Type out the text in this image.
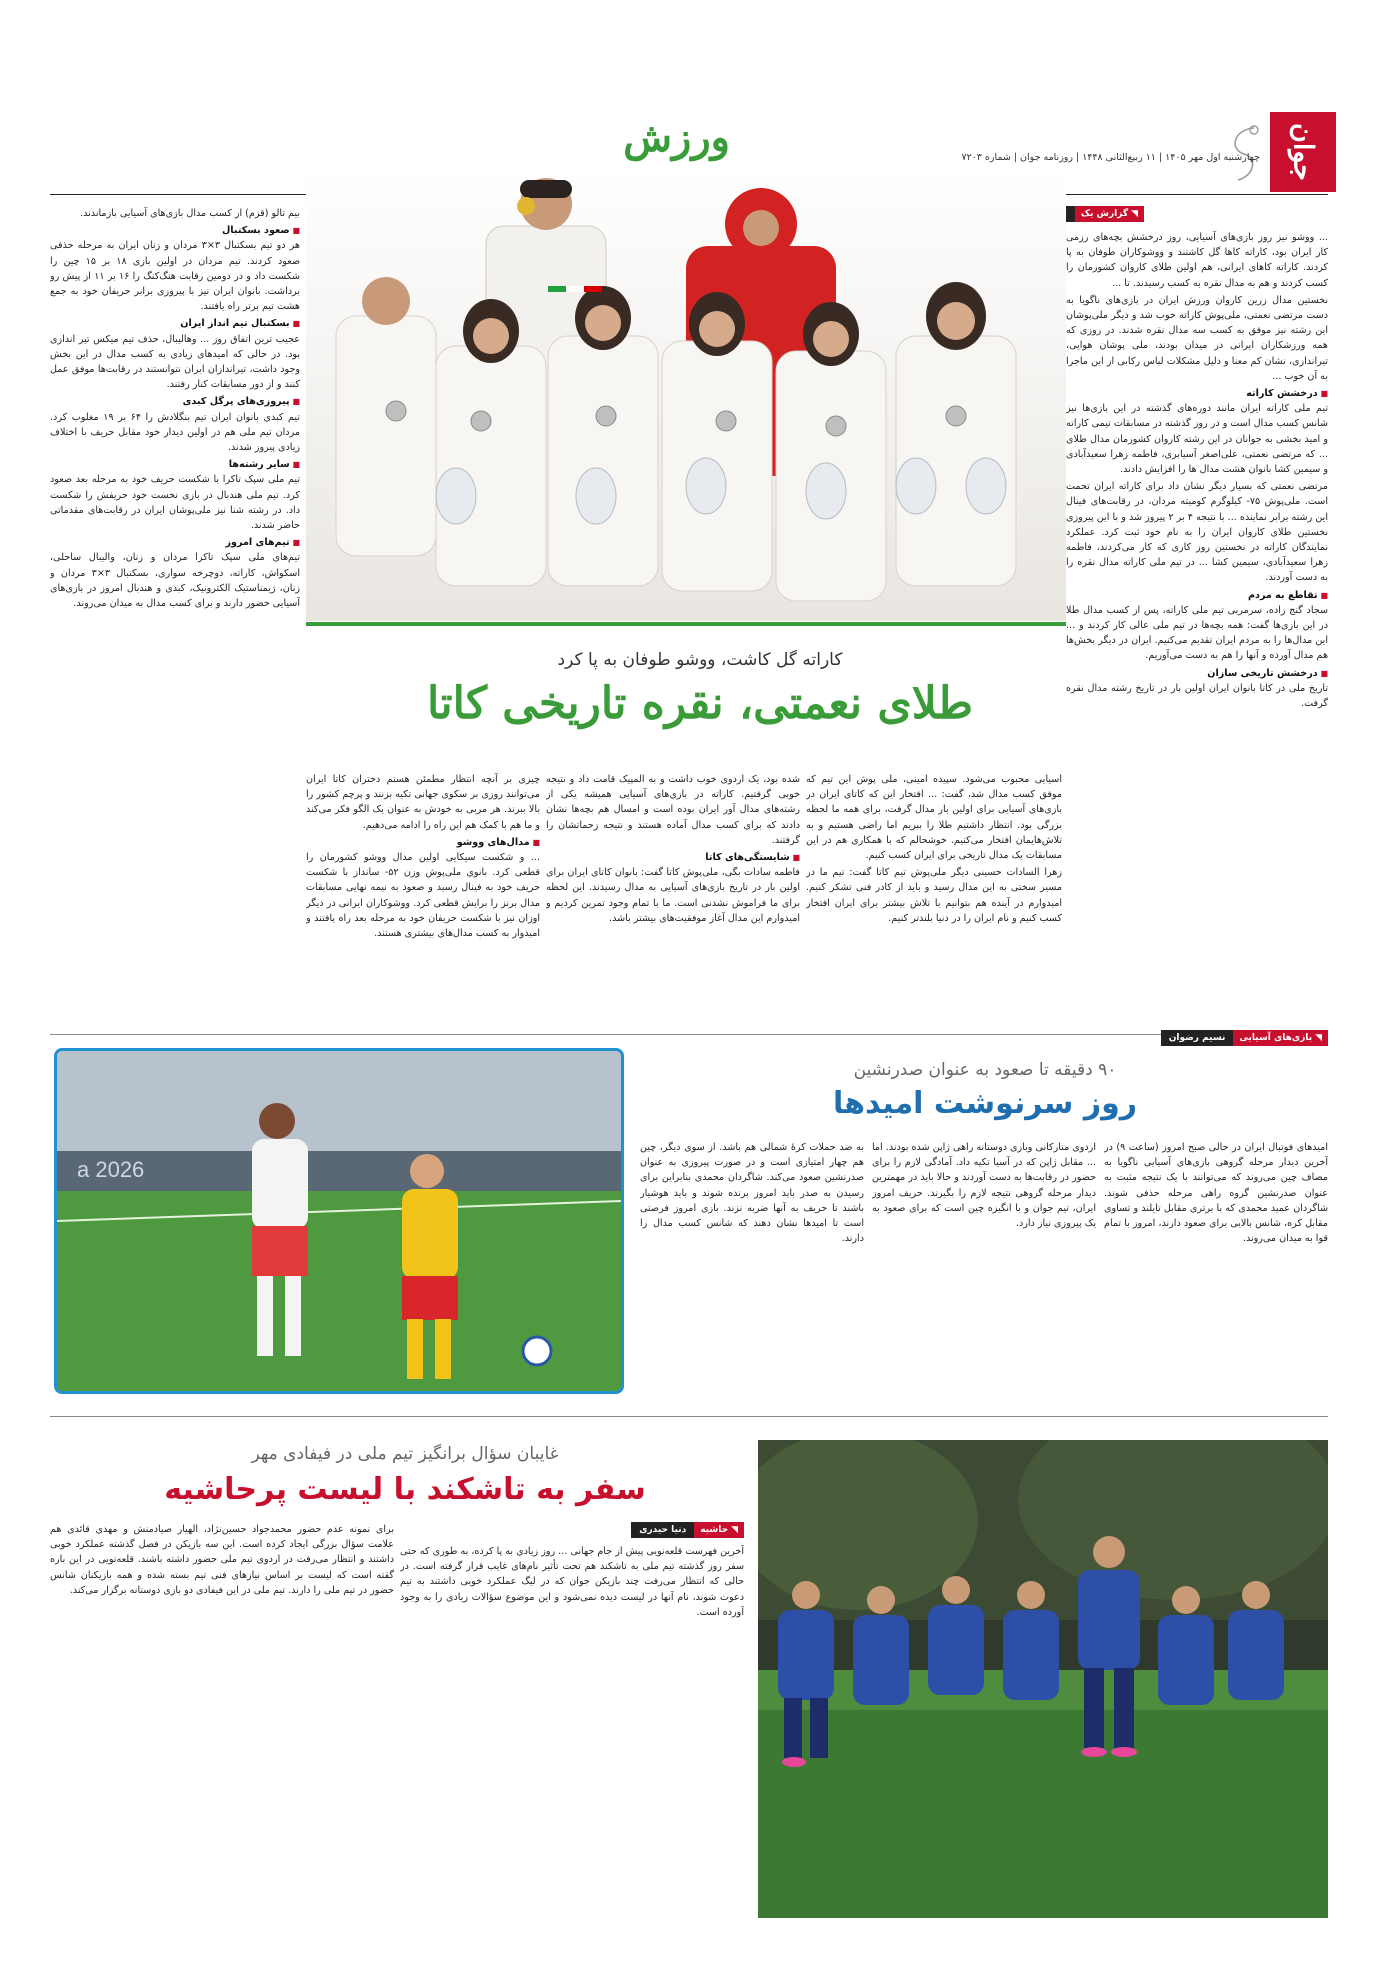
جوان
ورزش	چهارشنبه اول مهر ۱۴۰۵ | ۱۱ ربیع‌الثانی ۱۴۴۸ | روزنامه جوان | شماره ۷۲۰۳
◥
گزارش یک

... ووشو نیز روز بازی‌های آسیایی، روز درخشش بچه‌های رزمی کار ایران بود، کاراته کاها گل کاشتند و ووشو‌کاران طوفان به پا کردند. کاراته کاهای ایرانی، هم اولین طلای کاروان کشورمان را کسب کردند و هم به مدال نقره به کسب رسیدند. تا ...

نخستین مدال زرین کاروان ورزش ایران در بازی‌های ناگویا به دست مرتضی نعمتی، ملی‌پوش کاراته خوب شد و دیگر ملی‌پوشان این رشته نیز موفق به کسب سه مدال نقره شدند. در روزی که همه ورزشکاران ایرانی در میدان بودند، ملی پوشان هوایی، تیراندازی، نشان کم معنا و دلیل مشکلات لباس رکابی از این ماجرا به آن خوب ...

■ درخشش کاراته

تیم ملی کاراته ایران مانند دوره‌های گذشته در این بازی‌ها نیز شانس کسب مدال است و در روز گذشته در مسابقات تیمی کاراته و امید بخشی به جوانان در این رشته کاروان کشورمان مدال طلای ... که مرتضی نعمتی، علی‌اصغر آسیابری، فاطمه زهرا سعیدآبادی و سیمین کشا بانوان هشت مدال ها را افزایش دادند.

مرتضی نعمتی که بسیار دیگر نشان داد برای کاراته ایران تحمت است. ملی‌پوش ۷۵- کیلوگرم کومیته مردان، در رقابت‌های فینال این رشته برابر نماینده ... با نتیجه ۴ بر ۲ پیروز شد و با این پیروزی نخستین طلای کاروان ایران را به نام خود ثبت کرد. عملکرد نمایندگان کاراته در نخستین روز کاری که کار می‌کردند، فاطمه زهرا سعیدآبادی، سیمین کشا ... در تیم ملی کاراته مدال نقره را به دست آوردند.

■ تقاطع به مردم

سجاد گنج زاده، سرمربی تیم ملی کاراته، پس از کسب مدال طلا در این بازی‌ها گفت: همه بچه‌ها در تیم ملی عالی کار کردند و ... این مدال‌ها را به مردم ایران تقدیم می‌کنیم. ایران در دیگر بخش‌ها هم مدال آورده و آنها را هم به دست می‌آوریم.

■ درخشش تاریخی سازان

تاریخ ملی در کاتا بانوان ایران اولین بار در تاریخ رشته مدال نقره گرفت.

کاراته گل کاشت، ووشو طوفان به پا کرد
طلای نعمتی، نقره تاریخی کاتا

اسیایی محبوب می‌شود. سپیده امینی، ملی پوش این تیم که موفق کسب مدال شد، گفت: ... افتخار این که کاتای ایران در بازی‌های آسیایی برای اولین بار مدال گرفت، برای همه ما لحظه بزرگی بود. انتظار داشتیم طلا را ببریم اما راضی هستیم و به تلاش‌هایمان افتخار می‌کنیم. خوشحالم که با همکاری هم در این مسابقات یک مدال تاریخی برای ایران کسب کنیم.

زهرا السادات حسینی دیگر ملی‌پوش تیم کاتا گفت: تیم ما در مسیر سختی به این مدال رسید و باید از کادر فنی تشکر کنیم. امیدوارم در آینده هم بتوانیم با تلاش بیشتر برای ایران افتخار کسب کنیم و نام ایران را در دنیا بلندتر کنیم.

شده بود، یک اردوی خوب داشت و به المپیک قامت داد و نتیجه خوبی گرفتیم. کاراته در بازی‌های آسیایی همیشه یکی از رشته‌های مدال آور ایران بوده است و امسال هم بچه‌ها نشان دادند که برای کسب مدال آماده هستند و نتیجه زحماتشان را گرفتند.

■ شایستگی‌های کاتا

فاطمه سادات بگی، ملی‌پوش کاتا گفت: بانوان کاتای ایران برای اولین بار در تاریخ بازی‌های آسیایی به مدال رسیدند. این لحظه برای ما فراموش نشدنی است. ما با تمام وجود تمرین کردیم و امیدوارم این مدال آغاز موفقیت‌های بیشتر باشد.

چیزی بر آنچه انتظار مطمئن هستم دختران کاتا ایران می‌توانند روزی بر سکوی جهانی تکیه بزنند و پرچم کشور را بالا ببرند. هر مربی به خودش به عنوان یک الگو فکر می‌کند و ما هم با کمک هم این راه را ادامه می‌دهیم.

■ مدال‌های ووشو

... و شکست سیکایی اولین مدال ووشو کشورمان را قطعی کرد. بانوی ملی‌پوش وزن ۵۲- سانداز با شکست حریف خود به فینال رسید و صعود به نیمه نهایی مسابقات مدال برنز را برایش قطعی کرد. ووشوکاران ایرانی در دیگر اوزان نیز با شکست حریفان خود به مرحله بعد راه یافتند و امیدوار به کسب مدال‌های بیشتری هستند.

بیم تالو (قزم) از کسب مدال بازی‌های آسیایی بازماندند.

■ صعود بسکتبال

هر دو تیم بسکتبال ۳×۳ مردان و زنان ایران به مرحله حذفی صعود کردند. تیم مردان در اولین بازی ۱۸ بر ۱۵ چین را شکست داد و در دومین رقابت هنگ‌کنگ را ۱۶ بر ۱۱ از پیش رو برداشت. بانوان ایران نیز با پیروزی برابر حریفان خود به جمع هشت تیم برتر راه یافتند.

■ بسکتبال تیم انداز ایران

عجیب ترین اتفاق روز ... وهالیبال، حذف تیم میکس تیر اندازی بود. در حالی که امیدهای زیادی به کسب مدال در این بخش وجود داشت، تیراندازان ایران نتوانستند در رقابت‌ها موفق عمل کنند و از دور مسابقات کنار رفتند.

■ پیروزی‌های پرگل کبدی

تیم کبدی بانوان ایران تیم بنگلادش را ۶۴ بر ۱۹ مغلوب کرد. مردان تیم ملی هم در اولین دیدار خود مقابل حریف با اختلاف زیادی پیروز شدند.

■ سایر رشته‌ها

تیم ملی سپک تاکرا با شکست حریف خود به مرحله بعد صعود کرد. تیم ملی هندبال در بازی نخست خود حریفش را شکست داد. در رشته شنا نیز ملی‌پوشان ایران در رقابت‌های مقدماتی حاضر شدند.

■ تیم‌های امروز

تیم‌های ملی سپک تاکرا مردان و زنان، والیبال ساحلی، اسکواش، کاراته، دوچرخه سواری، بسکتبال ۳×۳ مردان و زنان، ژیمناستیک الکترونیک، کبدی و هندبال امروز در بازی‌های آسیایی حضور دارند و برای کسب مدال به میدان می‌روند.

◥
بازی‌های آسیایی
نسیم رضوان
a 2026
۹۰ دقیقه تا صعود به عنوان صدرنشین
روز سرنوشت امیدها

امیدهای فوتبال ایران در حالی صبح امروز (ساعت ۹) در آخرین دیدار مرحله گروهی بازی‌های آسیایی ناگویا به مصاف چین می‌روند که می‌توانند با یک نتیجه مثبت به عنوان صدرنشین گروه راهی مرحله حذفی شوند. شاگردان عمید محمدی که با برتری مقابل تایلند و تساوی مقابل کره، شانس بالایی برای صعود دارند، امروز با تمام قوا به میدان می‌روند.

اردوی منارکانی وبازی دوستانه راهی ژاپن شده بودند. اما ... مقابل ژاپن که در آسیا تکیه داد. آمادگی لازم را برای حضور در رقابت‌ها به دست آوردند و حالا باید در مهمترین دیدار مرحله گروهی نتیجه لازم را بگیرند. حریف امروز ایران، تیم جوان و با انگیزه چین است که برای صعود به یک پیروزی نیاز دارد.

به ضد حملات کرهٔ شمالی هم باشد. از سوی دیگر، چین هم چهار امتیازی است و در صورت پیروزی به عنوان صدرنشین صعود می‌کند. شاگردان محمدی بنابراین برای رسیدن به صدر باید امروز برنده شوند و باید هوشیار باشند تا حریف به آنها ضربه نزند. بازی امروز فرصتی است تا امیدها نشان دهند که شانس کسب مدال را دارند.

غایبان سؤال برانگیز تیم ملی در فیفادی مهر
سفر به تاشکند با لیست پرحاشیه
◥
حاشیه
دنیا حیدری

آخرین فهرست قلعه‌نویی پیش از جام جهانی ... روز زیادی به پا کرده، به طوری که حتی سفر روز گذشته تیم ملی به تاشکند هم تحت تأثیر نام‌های غایب قرار گرفته است. در حالی که انتظار می‌رفت چند بازیکن جوان که در لیگ عملکرد خوبی داشتند به تیم دعوت شوند، نام آنها در لیست دیده نمی‌شود و این موضوع سؤالات زیادی را به وجود آورده است.

برای نمونه عدم حضور محمدجواد حسین‌نژاد، الهیار صیادمنش و مهدی قائدی هم علامت سؤال بزرگی ایجاد کرده است. این سه بازیکن در فصل گذشته عملکرد خوبی داشتند و انتظار می‌رفت در اردوی تیم ملی حضور داشته باشند. قلعه‌نویی در این باره گفته است که لیست بر اساس نیازهای فنی تیم بسته شده و همه بازیکنان شانس حضور در تیم ملی را دارند. تیم ملی در این فیفادی دو بازی دوستانه برگزار می‌کند.
